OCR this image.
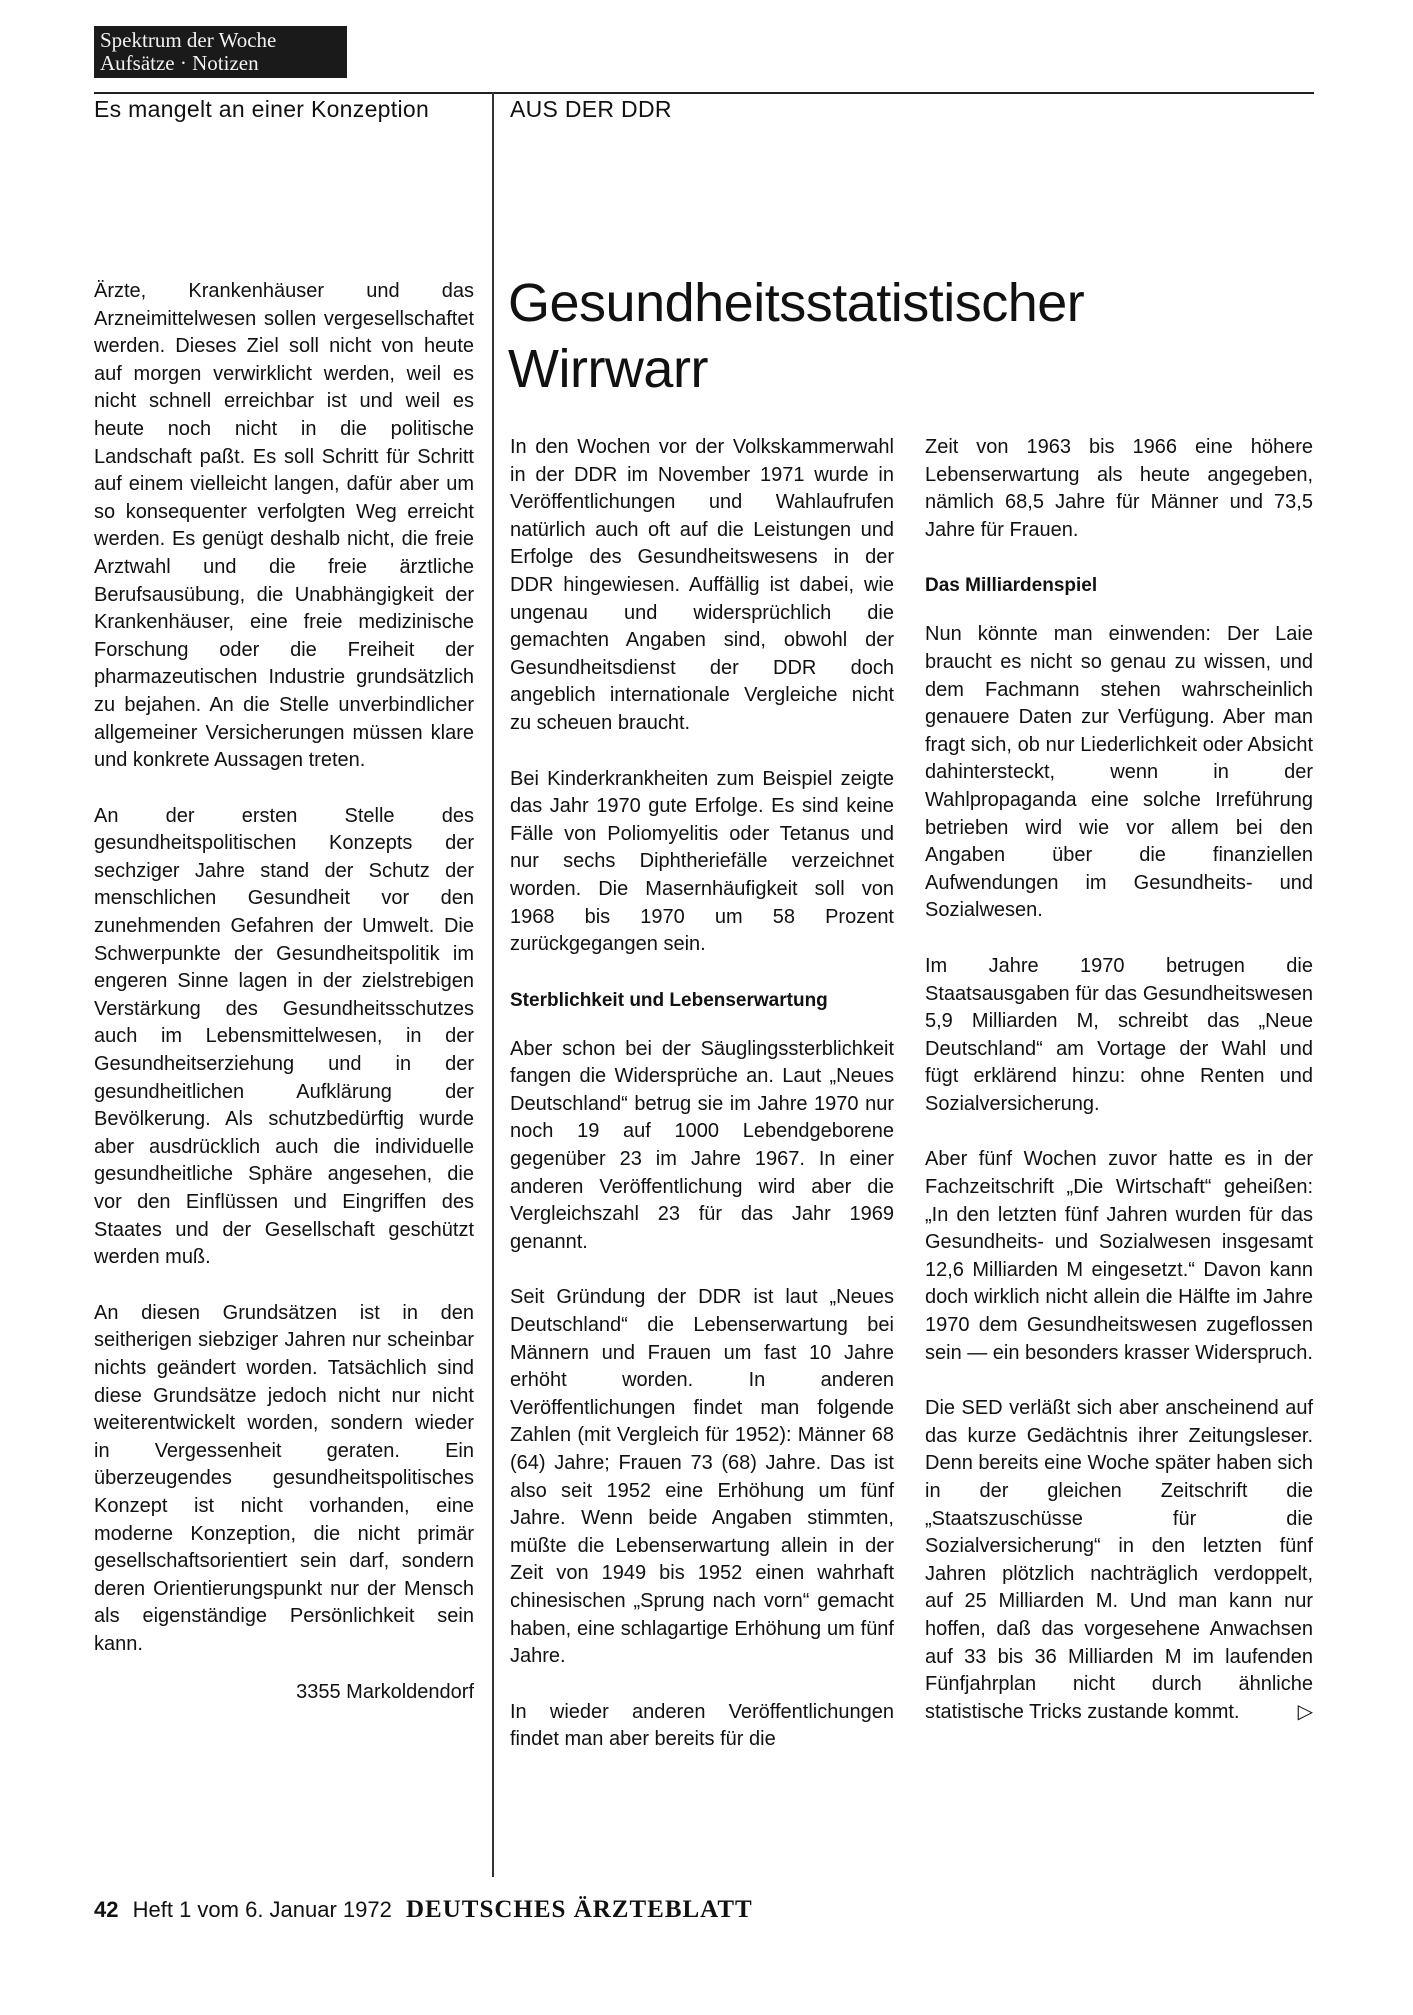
Spektrum der Woche
Aufsätze · Notizen
Es mangelt an einer Konzeption	AUS DER DDR
Gesundheitsstatistischer
Wirrwarr

Ärzte, Krankenhäuser und das Arzneimittelwesen sollen vergesellschaftet werden. Dieses Ziel soll nicht von heute auf morgen verwirklicht werden, weil es nicht schnell erreichbar ist und weil es heute noch nicht in die politische Landschaft paßt. Es soll Schritt für Schritt auf einem vielleicht langen, dafür aber um so konsequenter verfolgten Weg erreicht werden. Es genügt deshalb nicht, die freie Arztwahl und die freie ärztliche Berufsausübung, die Unabhängigkeit der Krankenhäuser, eine freie medizinische Forschung oder die Freiheit der pharmazeutischen Industrie grundsätzlich zu bejahen. An die Stelle unverbindlicher allgemeiner Versicherungen müssen klare und konkrete Aussagen treten.

An der ersten Stelle des gesundheitspolitischen Konzepts der sechziger Jahre stand der Schutz der menschlichen Gesundheit vor den zunehmenden Gefahren der Umwelt. Die Schwerpunkte der Gesundheitspolitik im engeren Sinne lagen in der zielstrebigen Verstärkung des Gesundheitsschutzes auch im Lebensmittelwesen, in der Gesundheitserziehung und in der gesundheitlichen Aufklärung der Bevölkerung. Als schutzbedürftig wurde aber ausdrücklich auch die individuelle gesundheitliche Sphäre angesehen, die vor den Einflüssen und Eingriffen des Staates und der Gesellschaft geschützt werden muß.

An diesen Grundsätzen ist in den seitherigen siebziger Jahren nur scheinbar nichts geändert worden. Tatsächlich sind diese Grundsätze jedoch nicht nur nicht weiterentwickelt worden, sondern wieder in Vergessenheit geraten. Ein überzeugendes gesundheitspolitisches Konzept ist nicht vorhanden, eine moderne Konzeption, die nicht primär gesellschaftsorientiert sein darf, sondern deren Orientierungspunkt nur der Mensch als eigenständige Persönlichkeit sein kann.

3355 Markoldendorf

In den Wochen vor der Volkskammerwahl in der DDR im November 1971 wurde in Veröffentlichungen und Wahlaufrufen natürlich auch oft auf die Leistungen und Erfolge des Gesundheitswesens in der DDR hingewiesen. Auffällig ist dabei, wie ungenau und widersprüchlich die gemachten Angaben sind, obwohl der Gesundheitsdienst der DDR doch angeblich internationale Vergleiche nicht zu scheuen braucht.

Bei Kinderkrankheiten zum Beispiel zeigte das Jahr 1970 gute Erfolge. Es sind keine Fälle von Poliomyelitis oder Tetanus und nur sechs Diphtheriefälle verzeichnet worden. Die Masernhäufigkeit soll von 1968 bis 1970 um 58 Prozent zurückgegangen sein.

Sterblichkeit und Lebenserwartung

Aber schon bei der Säuglingssterblichkeit fangen die Widersprüche an. Laut „Neues Deutschland“ betrug sie im Jahre 1970 nur noch 19 auf 1000 Lebendgeborene gegenüber 23 im Jahre 1967. In einer anderen Veröffentlichung wird aber die Vergleichszahl 23 für das Jahr 1969 genannt.

Seit Gründung der DDR ist laut „Neues Deutschland“ die Lebenserwartung bei Männern und Frauen um fast 10 Jahre erhöht worden. In anderen Veröffentlichungen findet man folgende Zahlen (mit Vergleich für 1952): Männer 68 (64) Jahre; Frauen 73 (68) Jahre. Das ist also seit 1952 eine Erhöhung um fünf Jahre. Wenn beide Angaben stimmten, müßte die Lebenserwartung allein in der Zeit von 1949 bis 1952 einen wahrhaft chinesischen „Sprung nach vorn“ gemacht haben, eine schlagartige Erhöhung um fünf Jahre.

In wieder anderen Veröffentlichungen findet man aber bereits für die

Zeit von 1963 bis 1966 eine höhere Lebenserwartung als heute angegeben, nämlich 68,5 Jahre für Männer und 73,5 Jahre für Frauen.

Das Milliardenspiel

Nun könnte man einwenden: Der Laie braucht es nicht so genau zu wissen, und dem Fachmann stehen wahrscheinlich genauere Daten zur Verfügung. Aber man fragt sich, ob nur Liederlichkeit oder Absicht dahintersteckt, wenn in der Wahlpropaganda eine solche Irreführung betrieben wird wie vor allem bei den Angaben über die finanziellen Aufwendungen im Gesundheits- und Sozialwesen.

Im Jahre 1970 betrugen die Staatsausgaben für das Gesundheitswesen 5,9 Milliarden M, schreibt das „Neue Deutschland“ am Vortage der Wahl und fügt erklärend hinzu: ohne Renten und Sozialversicherung.

Aber fünf Wochen zuvor hatte es in der Fachzeitschrift „Die Wirtschaft“ geheißen: „In den letzten fünf Jahren wurden für das Gesundheits- und Sozialwesen insgesamt 12,6 Milliarden M eingesetzt.“ Davon kann doch wirklich nicht allein die Hälfte im Jahre 1970 dem Gesundheitswesen zugeflossen sein — ein besonders krasser Widerspruch.

Die SED verläßt sich aber anscheinend auf das kurze Gedächtnis ihrer Zeitungsleser. Denn bereits eine Woche später haben sich in der gleichen Zeitschrift die „Staatszuschüsse für die Sozialversicherung“ in den letzten fünf Jahren plötzlich nachträglich verdoppelt, auf 25 Milliarden M. Und man kann nur hoffen, daß das vorgesehene Anwachsen auf 33 bis 36 Milliarden M im laufenden Fünfjahrplan nicht durch ähnliche statistische Tricks zustande kommt.	▷

42 Heft 1 vom 6. Januar 1972 DEUTSCHES ÄRZTEBLATT
